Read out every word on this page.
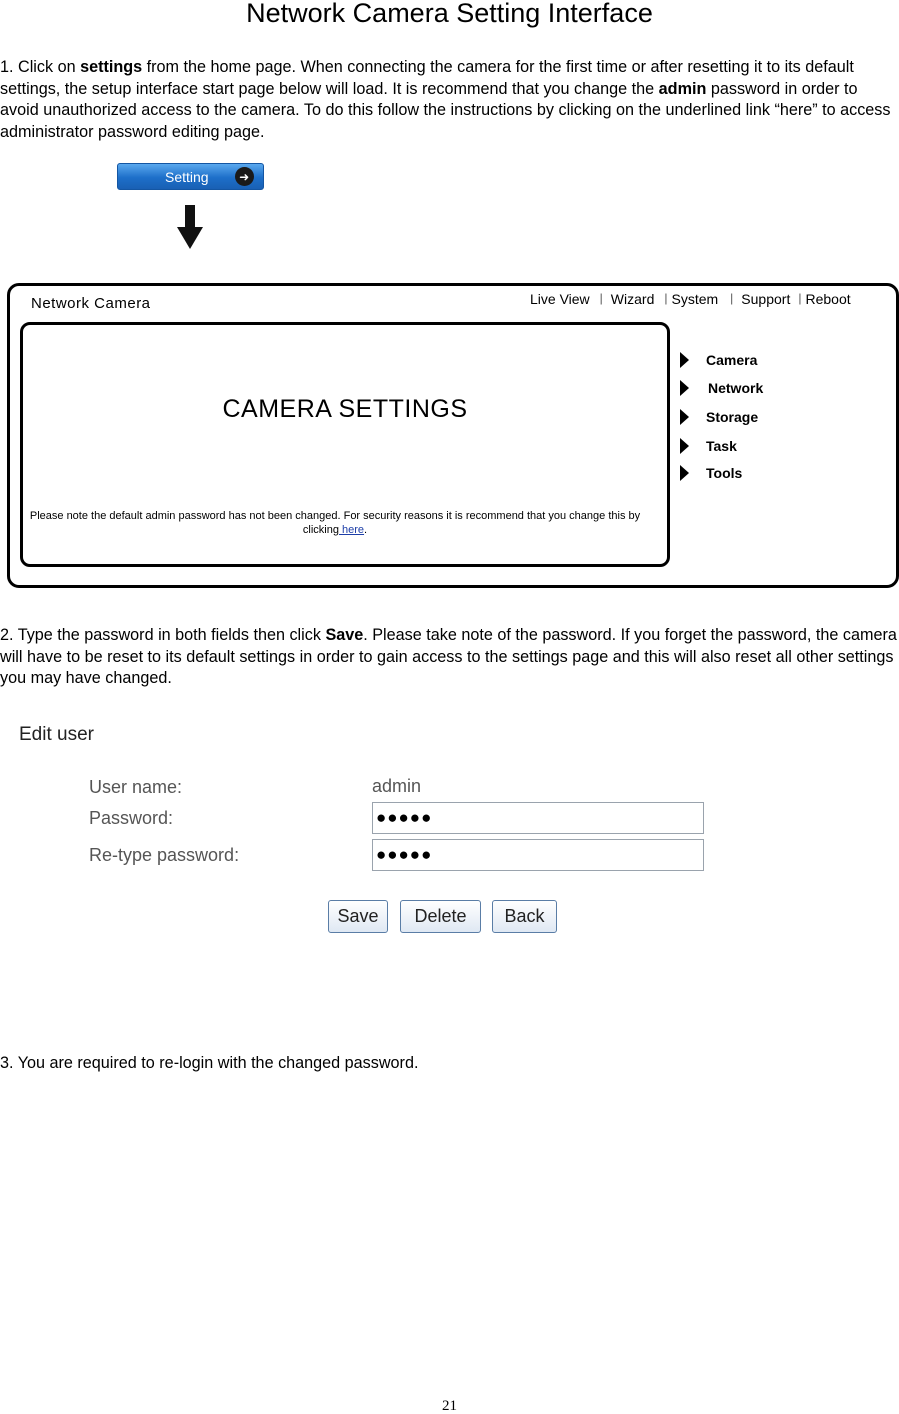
Network Camera Setting Interface

1. Click on settings from the home page. When connecting the camera for the first time or after resetting it to its default settings, the setup interface start page below will load. It is recommend that you change the admin password in order to avoid unauthorized access to the camera. To do this follow the instructions by clicking on the underlined link “here” to access administrator password editing page.

Setting	➜
Network Camera	Live View | Wizard | System | Support | Reboot
CAMERA SETTINGS
Please note the default admin password has not been changed. For security reasons it is recommend that you change this by clicking here.
Camera
Network
Storage
Task
Tools

2. Type the password in both fields then click Save. Please take note of the password. If you forget the password, the camera will have to be reset to its default settings in order to gain access to the settings page and this will also reset all other settings you may have changed.

Edit user
User name:	admin
Password:	●●●●●
Re-type password:	●●●●●
Save	Delete	Back

3. You are required to re-login with the changed password.

21
